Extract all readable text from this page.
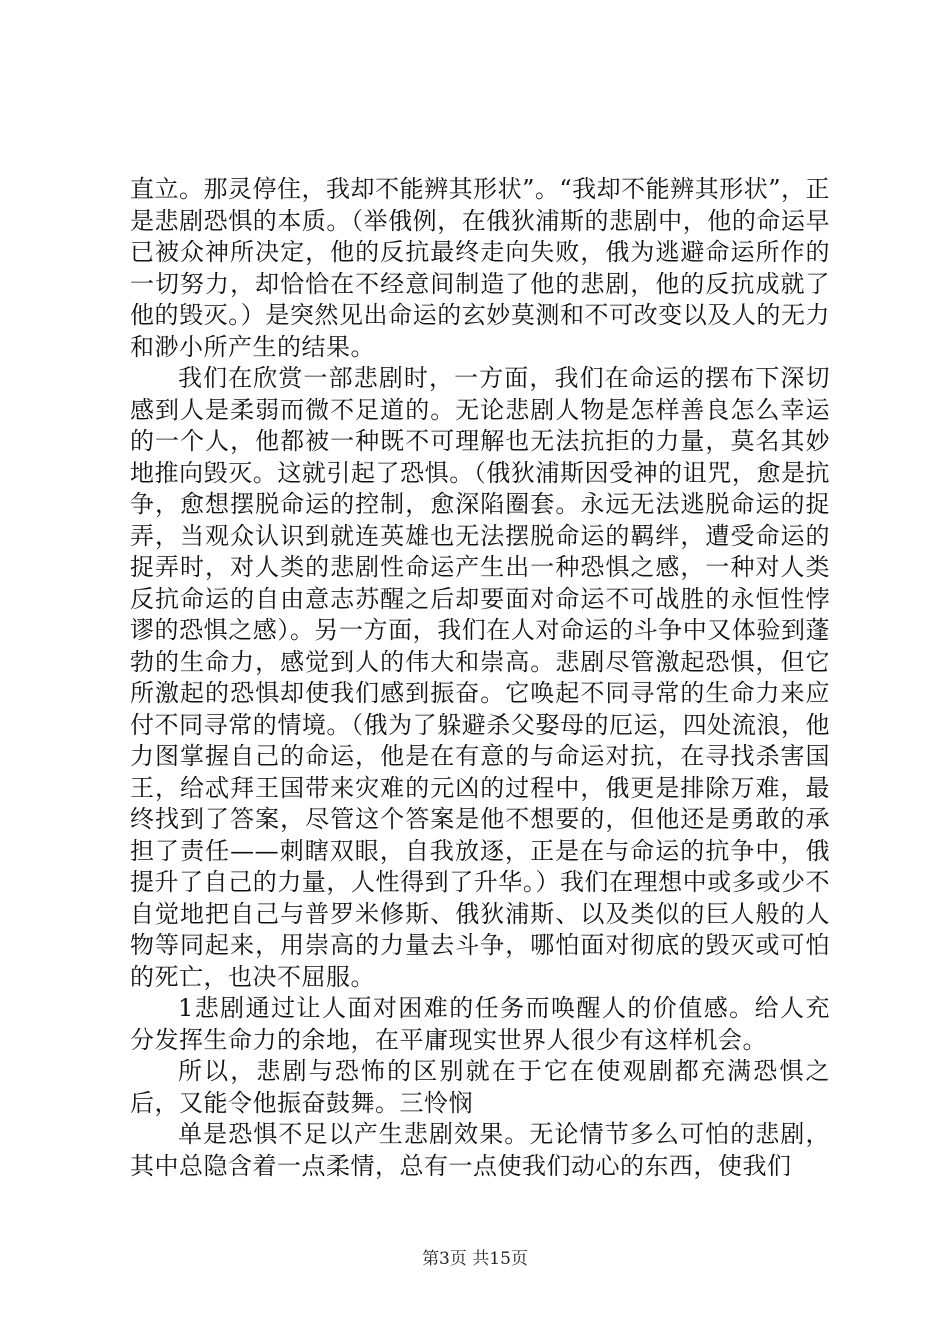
直立。那灵停住，我却不能辨其形状”。“我却不能辨其形状”，正是悲剧恐惧的本质。（举俄例，在俄狄浦斯的悲剧中，他的命运早已被众神所决定，他的反抗最终走向失败，俄为逃避命运所作的一切努力，却恰恰在不经意间制造了他的悲剧，他的反抗成就了他的毁灭。）是突然见出命运的玄妙莫测和不可改变以及人的无力和渺小所产生的结果。

我们在欣赏一部悲剧时，一方面，我们在命运的摆布下深切感到人是柔弱而微不足道的。无论悲剧人物是怎样善良怎么幸运的一个人，他都被一种既不可理解也无法抗拒的力量，莫名其妙地推向毁灭。这就引起了恐惧。（俄狄浦斯因受神的诅咒，愈是抗争，愈想摆脱命运的控制，愈深陷圈套。永远无法逃脱命运的捉弄，当观众认识到就连英雄也无法摆脱命运的羁绊，遭受命运的捉弄时，对人类的悲剧性命运产生出一种恐惧之感，一种对人类反抗命运的自由意志苏醒之后却要面对命运不可战胜的永恒性悖谬的恐惧之感）。另一方面，我们在人对命运的斗争中又体验到蓬勃的生命力，感觉到人的伟大和崇高。悲剧尽管激起恐惧，但它所激起的恐惧却使我们感到振奋。它唤起不同寻常的生命力来应付不同寻常的情境。（俄为了躲避杀父娶母的厄运，四处流浪，他力图掌握自己的命运，他是在有意的与命运对抗，在寻找杀害国王，给忒拜王国带来灾难的元凶的过程中，俄更是排除万难，最终找到了答案，尽管这个答案是他不想要的，但他还是勇敢的承担了责任——刺瞎双眼，自我放逐，正是在与命运的抗争中，俄提升了自己的力量，人性得到了升华。）我们在理想中或多或少不自觉地把自己与普罗米修斯、俄狄浦斯、以及类似的巨人般的人物等同起来，用崇高的力量去斗争，哪怕面对彻底的毁灭或可怕的死亡，也决不屈服。

1悲剧通过让人面对困难的任务而唤醒人的价值感。给人充分发挥生命力的余地，在平庸现实世界人很少有这样机会。

所以，悲剧与恐怖的区别就在于它在使观剧都充满恐惧之后，又能令他振奋鼓舞。三怜悯

单是恐惧不足以产生悲剧效果。无论情节多么可怕的悲剧，其中总隐含着一点柔情，总有一点使我们动心的东西，使我们

第3页 共15页
